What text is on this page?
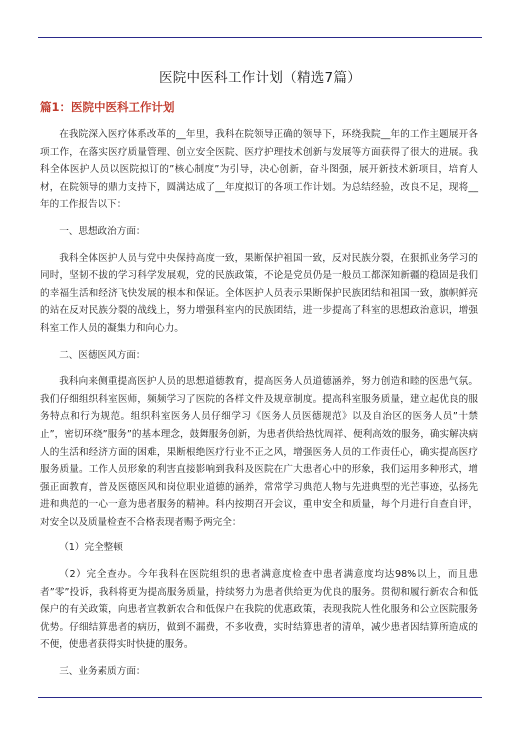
医院中医科工作计划（精选7篇）
篇1：医院中医科工作计划

在我院深入医疗体系改革的__年里，我科在院领导正确的领导下，环绕我院__年的工作主题展开各项工作，在落实医疗质量管理、创立安全医院、医疗护理技术创新与发展等方面获得了很大的进展。我科全体医护人员以医院拟订的”核心制度”为引导，决心创新，奋斗图强，展开新技术新项目，培育人材，在院领导的鼎力支持下，圆满达成了__年度拟订的各项工作计划。为总结经验，改良不足，现将__年的工作报告以下：

一、思想政治方面：

我科全体医护人员与党中央保持高度一致，果断保护祖国一致，反对民族分裂，在狠抓业务学习的同时，坚韧不拔的学习科学发展观，党的民族政策，不论是党员仍是一般员工都深知新疆的稳固是我们的幸福生活和经济飞快发展的根本和保证。全体医护人员表示果断保护民族团结和祖国一致，旗帜鲜亮的站在反对民族分裂的战线上，努力增强科室内的民族团结，进一步提高了科室的思想政治意识，增强科室工作人员的凝集力和向心力。

二、医德医风方面：

我科向来侧重提高医护人员的思想道德教育，提高医务人员道德涵养，努力创造和睦的医患气氛。我们仔细组织科室医师，频频学习了医院的各样文件及规章制度。提高科室服务质量，建立起优良的服务特点和行为规范。组织科室医务人员仔细学习《医务人员医德规范》以及自治区的医务人员”十禁止”，密切环绕”服务”的基本理念，鼓舞服务创新，为患者供给热忱周祥、便利高效的服务，确实解决病人的生活和经济方面的困难，果断根绝医疗行业不正之风，增强医务人员的工作责任心，确实提高医疗服务质量。工作人员形象的利害直接影响到我科及医院在广大患者心中的形象，我们运用多种形式，增强正面教育，普及医德医风和岗位职业道德的涵养，常常学习典范人物与先进典型的光芒事迹，弘扬先进和典范的一心一意为患者服务的精神。科内按期召开会议，重申安全和质量，每个月进行自查自评，对安全以及质量检查不合格表现者赐予两完全：

（1）完全整顿

（2）完全查办。今年我科在医院组织的患者满意度检查中患者满意度均达98%以上，而且患者”零”投诉，我科将更为提高服务质量，持续努力为患者供给更为优良的服务。贯彻和履行新农合和低保户的有关政策，向患者宣教新农合和低保户在我院的优惠政策，表现我院人性化服务和公立医院服务优势。仔细结算患者的病历，做到不漏费，不多收费，实时结算患者的清单，减少患者因结算所造成的不便，使患者获得实时快捷的服务。

三、业务素质方面：
